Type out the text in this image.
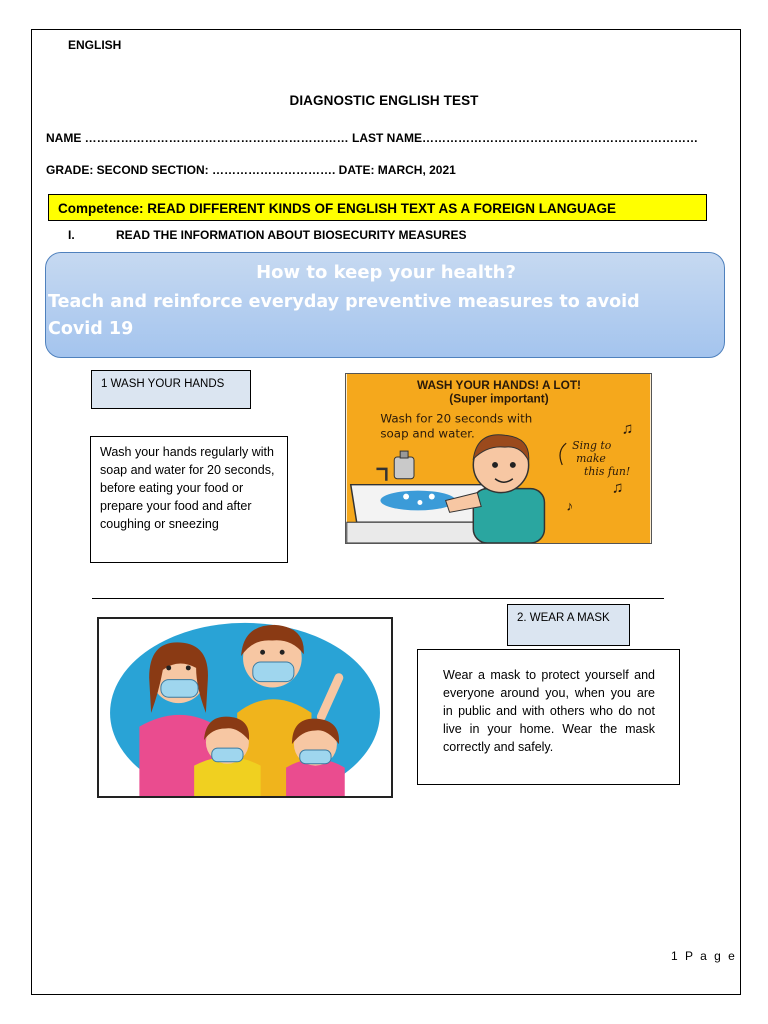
ENGLISH
DIAGNOSTIC ENGLISH TEST
NAME ………………………………………………………… LAST NAME……………………………………………………………
GRADE: SECOND SECTION: …………………………. DATE: MARCH, 2021
Competence: READ DIFFERENT KINDS OF ENGLISH TEXT AS A FOREIGN LANGUAGE
I.	READ THE INFORMATION ABOUT BIOSECURITY MEASURES
How to keep your health?
Teach and reinforce everyday preventive measures to avoid
Covid 19
1 WASH YOUR HANDS
Wash your hands regularly with soap and water for 20 seconds, before eating your food or prepare your food and after coughing or sneezing
WASH YOUR HANDS! A LOT!
(Super important)
Wash for 20 seconds with
soap and water.
Sing to
make
this fun!
♫
♫
♪
2. WEAR A MASK
Wear a mask to protect yourself and everyone around you, when you are in public and with others who do not live in your home. Wear the mask correctly and safely.
1 P a g e
